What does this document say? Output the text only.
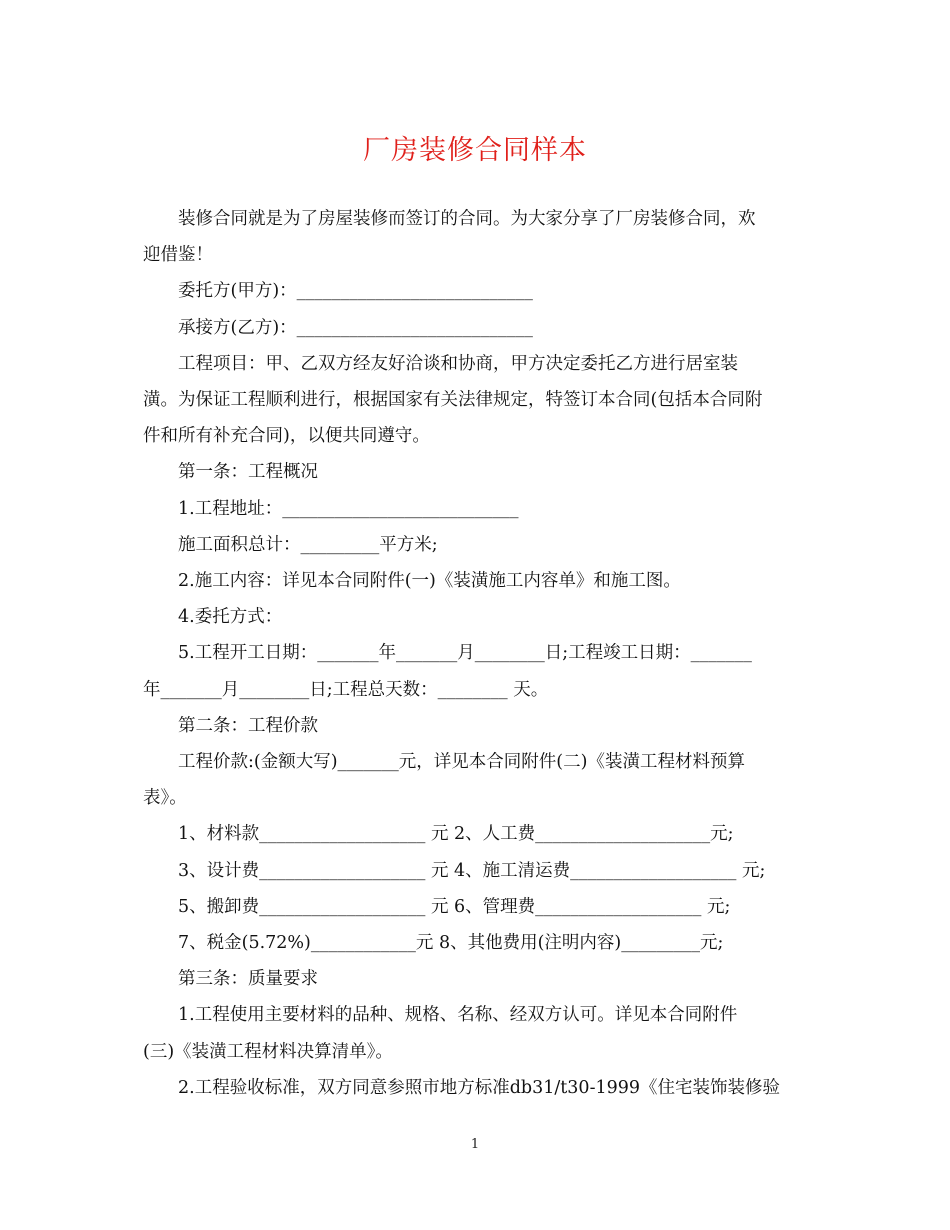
厂房装修合同样本
装修合同就是为了房屋装修而签订的合同。为大家分享了厂房装修合同，欢
迎借鉴！
委托方(甲方)：___________________________
承接方(乙方)：___________________________
工程项目：甲、乙双方经友好洽谈和协商，甲方决定委托乙方进行居室装
潢。为保证工程顺利进行，根据国家有关法律规定，特签订本合同(包括本合同附
件和所有补充合同)，以便共同遵守。
第一条：工程概况
1.工程地址：___________________________
施工面积总计：_________平方米;
2.施工内容：详见本合同附件(一)《装潢施工内容单》和施工图。
4.委托方式：
5.工程开工日期：_______年_______月________日;工程竣工日期：_______
年_______月________日;工程总天数：________ 天。
第二条：工程价款
工程价款:(金额大写)_______元，详见本合同附件(二)《装潢工程材料预算
表》。
1、材料款___________________ 元 2、人工费____________________元;
3、设计费___________________ 元 4、施工清运费___________________ 元;
5、搬卸费___________________ 元 6、管理费___________________ 元;
7、税金(5.72%)____________元 8、其他费用(注明内容)_________元;
第三条：质量要求
1.工程使用主要材料的品种、规格、名称、经双方认可。详见本合同附件
(三)《装潢工程材料决算清单》。
2.工程验收标准，双方同意参照市地方标准db31/t30-1999《住宅装饰装修验
1
